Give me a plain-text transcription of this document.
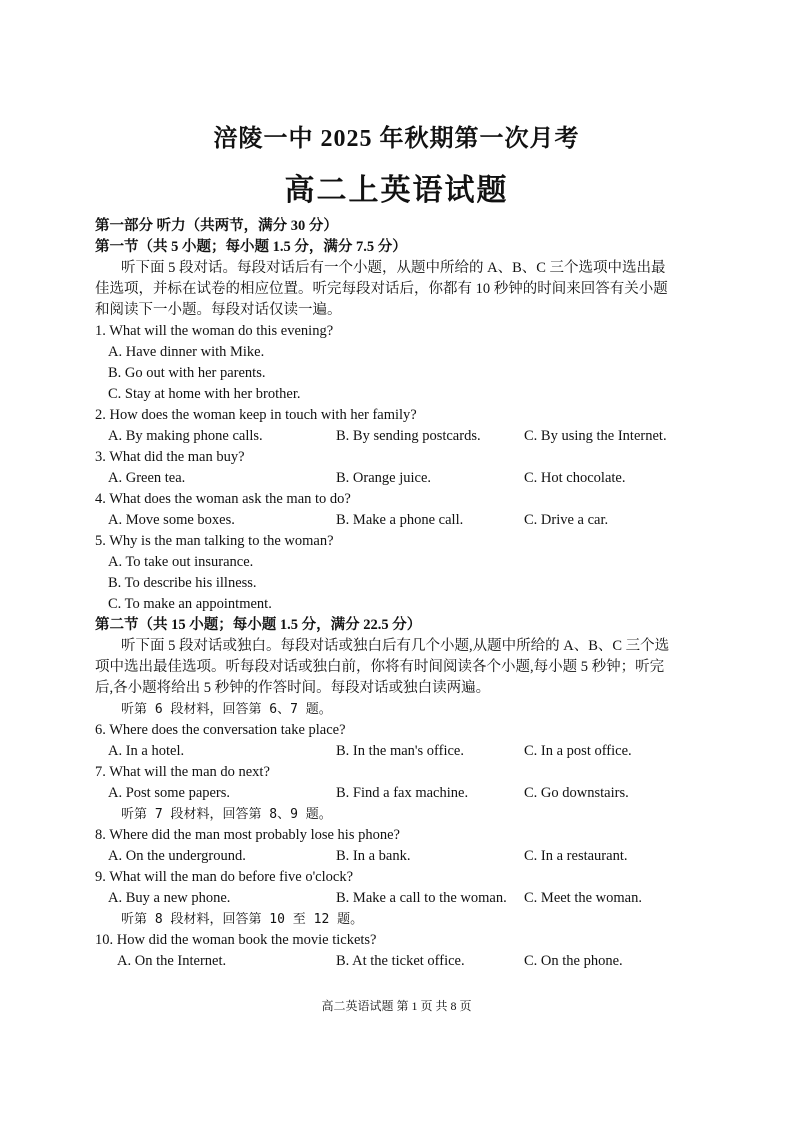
涪陵一中 2025 年秋期第一次月考
高二上英语试题
第一部分 听力（共两节，满分 30 分）
第一节（共 5 小题；每小题 1.5 分，满分 7.5 分）
听下面 5 段对话。每段对话后有一个小题，从题中所给的 A、B、C 三个选项中选出最
佳选项，并标在试卷的相应位置。听完每段对话后，你都有 10 秒钟的时间来回答有关小题
和阅读下一小题。每段对话仅读一遍。
1. What will the woman do this evening?
A. Have dinner with Mike.
B. Go out with her parents.
C. Stay at home with her brother.
2. How does the woman keep in touch with her family?
A. By making phone calls.	B. By sending postcards.	C. By using the Internet.
3. What did the man buy?
A. Green tea.	B. Orange juice.	C. Hot chocolate.
4. What does the woman ask the man to do?
A. Move some boxes.	B. Make a phone call.	C. Drive a car.
5. Why is the man talking to the woman?
A. To take out insurance.
B. To describe his illness.
C. To make an appointment.
第二节（共 15 小题；每小题 1.5 分，满分 22.5 分）
听下面 5 段对话或独白。每段对话或独白后有几个小题,从题中所给的 A、B、C 三个选
项中选出最佳选项。听每段对话或独白前，你将有时间阅读各个小题,每小题 5 秒钟；听完
后,各小题将给出 5 秒钟的作答时间。每段对话或独白读两遍。
听第 6 段材料，回答第 6、7 题。
6. Where does the conversation take place?
A. In a hotel.	B. In the man's office.	C. In a post office.
7. What will the man do next?
A. Post some papers.	B. Find a fax machine.	C. Go downstairs.
听第 7 段材料，回答第 8、9 题。
8. Where did the man most probably lose his phone?
A. On the underground.	B. In a bank.	C. In a restaurant.
9. What will the man do before five o'clock?
A. Buy a new phone.	B. Make a call to the woman. C. Meet the woman.
听第 8 段材料，回答第 10 至 12 题。
10. How did the woman book the movie tickets?
A. On the Internet.	B. At the ticket office.	C. On the phone.
高二英语试题 第 1 页 共 8 页
